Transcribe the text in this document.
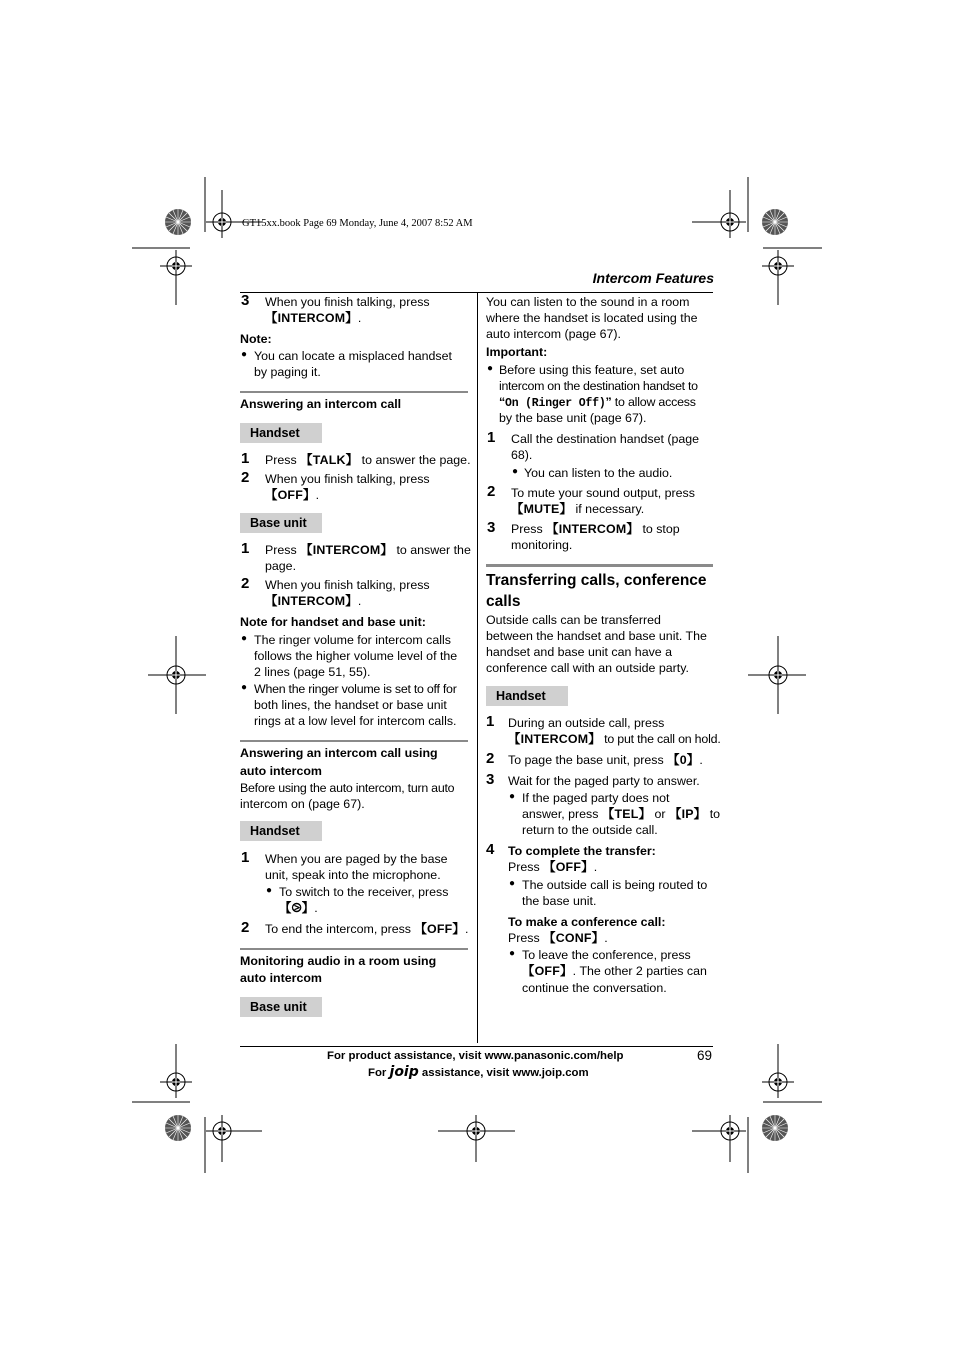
GT15xx.book Page 69 Monday, June 4, 2007 8:52 AM
Intercom Features
3 When you finish talking, press
【INTERCOM】.
Note:
● You can locate a misplaced handset
by paging it.
Answering an intercom call
Handset
1 Press 【TALK】 to answer the page.
2 When you finish talking, press
【OFF】.
Base unit
1 Press 【INTERCOM】 to answer the
page.
2 When you finish talking, press
【INTERCOM】.
Note for handset and base unit:
● The ringer volume for intercom calls
follows the higher volume level of the
2 lines (page 51, 55).
● When the ringer volume is set to off for
both lines, the handset or base unit
rings at a low level for intercom calls.
Answering an intercom call using
auto intercom
Before using the auto intercom, turn auto
intercom on (page 67).
Handset
1 When you are paged by the base
unit, speak into the microphone.
● To switch to the receiver, press
【⧁】.
2 To end the intercom, press 【OFF】.
Monitoring audio in a room using
auto intercom
Base unit
You can listen to the sound in a room
where the handset is located using the
auto intercom (page 67).
Important:
● Before using this feature, set auto
intercom on the destination handset to
“On (Ringer Off)” to allow access
by the base unit (page 67).
1 Call the destination handset (page
68).
● You can listen to the audio.
2 To mute your sound output, press
【MUTE】 if necessary.
3 Press 【INTERCOM】 to stop
monitoring.
Transferring calls, conference
calls
Outside calls can be transferred
between the handset and base unit. The
handset and base unit can have a
conference call with an outside party.
Handset
1 During an outside call, press
【INTERCOM】 to put the call on hold.
2 To page the base unit, press 【0】.
3 Wait for the paged party to answer.
● If the paged party does not
answer, press 【TEL】 or 【IP】 to
return to the outside call.
4 To complete the transfer:
Press 【OFF】.
● The outside call is being routed to
the base unit.
To make a conference call:
Press 【CONF】.
● To leave the conference, press
【OFF】. The other 2 parties can
continue the conversation.
For product assistance, visit www.panasonic.com/help
For joip assistance, visit www.joip.com
69
